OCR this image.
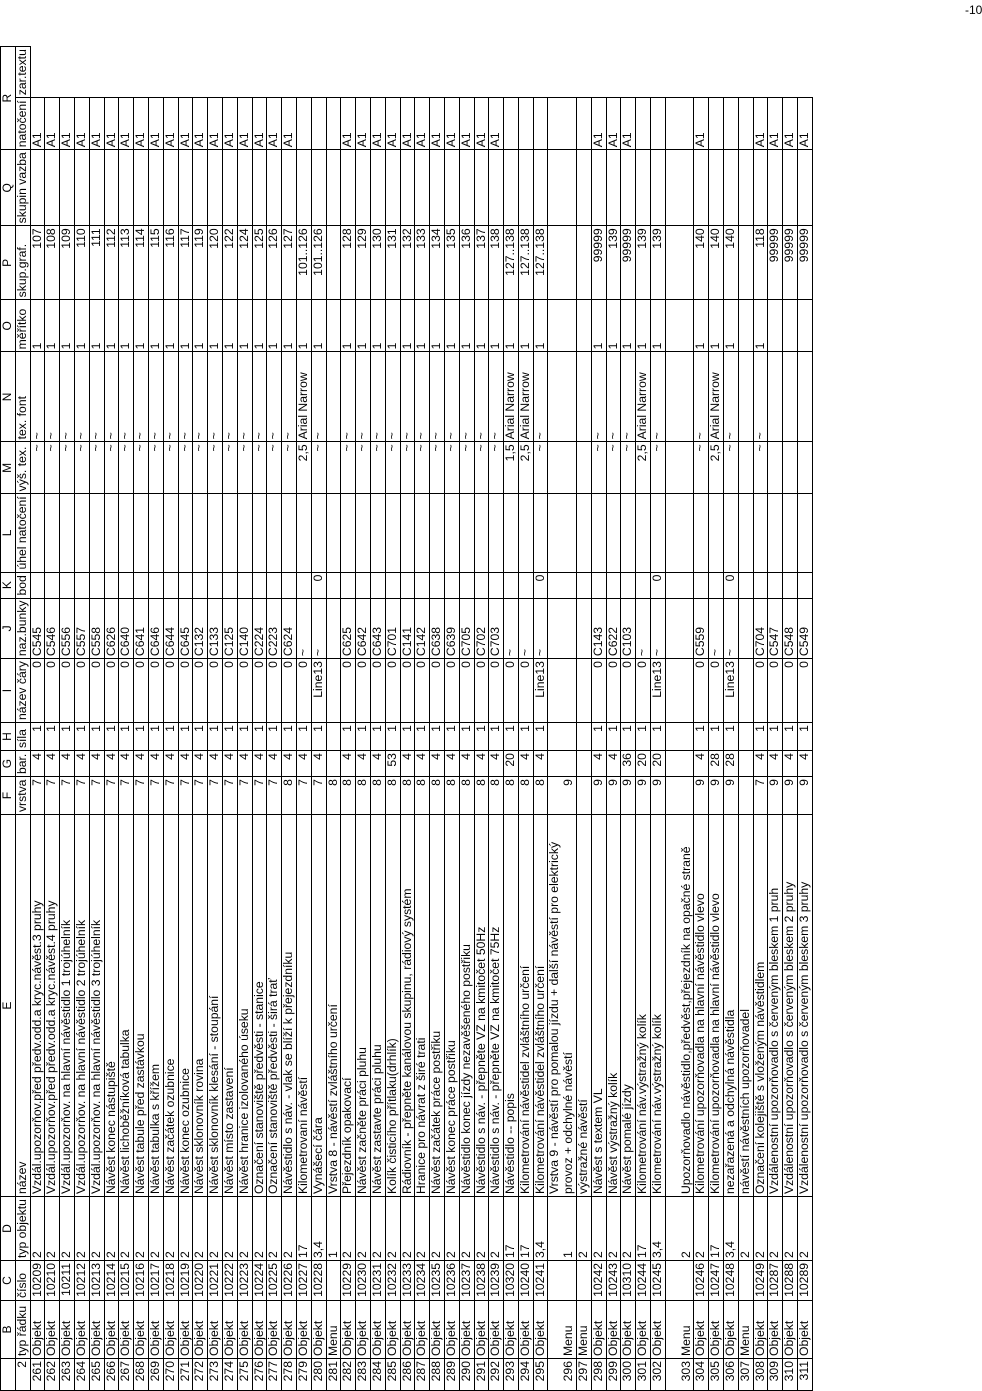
	B	C	D	E	F	G	H	I	J	K	L	M	N	O	P	Q	R	
2	typ řádku	číslo	typ objektu	název	vrstva	bar.	síla	název čáry	naz.bunky	bod	úhel natočení	výš. tex.	tex. font	měřítko	skup.graf.	skupin vazba	natočení	zar.textu
261	Objekt	10209	2	Vzdál.upozorňov.před předv.odd.a kryc.návěst.3 pruhy	7	4	1	0	C545			~	~	1	107		A1	
262	Objekt	10210	2	Vzdál.upozorňov.před předv.odd.a kryc.návěst.4 pruhy	7	4	1	0	C546			~	~	1	108		A1	
263	Objekt	10211	2	Vzdál.upozorňov. na hlavní návěstidlo 1 trojúhelník	7	4	1	0	C556			~	~	1	109		A1	
264	Objekt	10212	2	Vzdál.upozorňov. na hlavní návěstidlo 2 trojúhelník	7	4	1	0	C557			~	~	1	110		A1	
265	Objekt	10213	2	Vzdál.upozorňov. na hlavní návěstidlo 3 trojúhelník	7	4	1	0	C558			~	~	1	111		A1	
266	Objekt	10214	2	Návěst konec nástupiště	7	4	1	0	C626			~	~	1	112		A1	
267	Objekt	10215	2	Návěst lichoběžníková tabulka	7	4	1	0	C640			~	~	1	113		A1	
268	Objekt	10216	2	Návěst tabule před zastávkou	7	4	1	0	C641			~	~	1	114		A1	
269	Objekt	10217	2	Návěst tabulka s křížem	7	4	1	0	C646			~	~	1	115		A1	
270	Objekt	10218	2	Návěst začátek ozubnice	7	4	1	0	C644			~	~	1	116		A1	
271	Objekt	10219	2	Návěst konec ozubnice	7	4	1	0	C645			~	~	1	117		A1	
272	Objekt	10220	2	Návěst sklonovník rovina	7	4	1	0	C132			~	~	1	119		A1	
273	Objekt	10221	2	Návěst sklonovník klesání - stoupání	7	4	1	0	C133			~	~	1	120		A1	
274	Objekt	10222	2	Návěst místo zastavení	7	4	1	0	C125			~	~	1	122		A1	
275	Objekt	10223	2	Návěst hranice izolovaného úseku	7	4	1	0	C140			~	~	1	124		A1	
276	Objekt	10224	2	Označení stanoviště předvěsti - stanice	7	4	1	0	C224			~	~	1	125		A1	
277	Objekt	10225	2	Označení stanoviště předvěsti - širá trať	7	4	1	0	C223			~	~	1	126		A1	
278	Objekt	10226	2	Návěstidlo s náv. - vlak se blíží k přejezdníku	8	4	1	0	C624			~	~	1	127		A1	
279	Objekt	10227	17	Kilometrovaní návěstí	7	4	1	0	~			2,5	Arial Narrow	1	101..126			
280	Objekt	10228	3,4	Vynášecí čára	7	4	1	Line13	~	0		~	~	1	101..126			
281	Menu		1	Vrstva 8 - návěstí zvláštního určení	8													
282	Objekt	10229	2	Přejezdník opakovací	8	4	1	0	C625			~	~	1	128		A1	
283	Objekt	10230	2	Návěst začněte práci pluhu	8	4	1	0	C642			~	~	1	129		A1	
284	Objekt	10231	2	Návěst zastavte práci pluhu	8	4	1	0	C643			~	~	1	130		A1	
285	Objekt	10232	2	Kolík čisticího přítlaku(drhlík)	8	53	1	0	C701			~	~	1	131		A1	
286	Objekt	10233	2	Rádiovník - přepněte kanálovou skupinu, rádiový systém	8	4	1	0	C141			~	~	1	132		A1	
287	Objekt	10234	2	Hranice pro návrat z širé trati	8	4	1	0	C142			~	~	1	133		A1	
288	Objekt	10235	2	Návěst začátek práce postřiku	8	4	1	0	C638			~	~	1	134		A1	
289	Objekt	10236	2	Návěst konec práce postřiku	8	4	1	0	C639			~	~	1	135		A1	
290	Objekt	10237	2	Návěstidlo konec jízdy nezavěšeného postřiku	8	4	1	0	C705			~	~	1	136		A1	
291	Objekt	10238	2	Návěstidlo s náv. - přepněte VZ na kmitočet 50Hz	8	4	1	0	C702			~	~	1	137		A1	
292	Objekt	10239	2	Návěstidlo s náv. - přepněte VZ na kmitočet 75Hz	8	4	1	0	C703			~	~	1	138		A1	
293	Objekt	10320	17	Návěstidlo -- popis	8	20	1	0	~			1,5	Arial Narrow	1	127..138			
294	Objekt	10240	17	Kilometrování návěstidel zvláštního určení	8	4	1	0	~			2,5	Arial Narrow	1	127..138			
295	Objekt	10241	3,4	Kilometrování návěstidel zvláštního určení	8	4	1	Line13	~	0		~	~	1	127..138			
296	Menu		1	Vrstva 9 - návěstí pro pomalou jízdu + další návěstí pro elektrický provoz + odchylné návěstí	9													
297	Menu		2	výstražné návěstí														
298	Objekt	10242	2	Návěst s textem VL	9	4	1	0	C143			~	~	1	99999		A1	
299	Objekt	10243	2	Návěst výstražný kolík	9	4	1	0	C622			~	~	1	139		A1	
300	Objekt	10310	2	Návěst pomalé jízdy	9	36	1	0	C103			~	~	1	99999		A1	
301	Objekt	10244	17	Kilometrování náv.výstražný kolík	9	20	1	0	~			2,5	Arial Narrow	1	139			
302	Objekt	10245	3,4	Kilometrování náv.výstražný kolík	9	20	1	Line13	~	0		~	~	1	139			
303	Menu		2	Upozorňovadlo návěstidlo,předvěst,přejezdník na opačné straně														
304	Objekt	10246	2	Kilometrování upozorňovadla na hlavní návěstidlo vlevo	9	4	1	0	C559			~	~	1	140		A1	
305	Objekt	10247	17	Kilometrování upozorňovadla na hlavní návěstidlo vlevo	9	28	1	0	~			2,5	Arial Narrow	1	140			
306	Objekt	10248	3,4	nezařazená a odchylná návěstidla	9	28	1	Line13	~	0		~	~	1	140			
307	Menu		2	návěstí návěstních upozorňovadel														
308	Objekt	10249	2	Označení kolejiště s vloženým návěstidlem	7	4	1	0	C704			~	~	1	118		A1	
309	Objekt	10287	2	Vzdálenostní upozorňovadlo s červeným bleskem 1 pruh	9	4	1	0	C547						99999		A1	
310	Objekt	10288	2	Vzdálenostní upozorňovadlo s červeným bleskem 2 pruhy	9	4	1	0	C548						99999		A1	
311	Objekt	10289	2	Vzdálenostní upozorňovadlo s červeným bleskem 3 pruhy	9	4	1	0	C549						99999		A1	
-10
